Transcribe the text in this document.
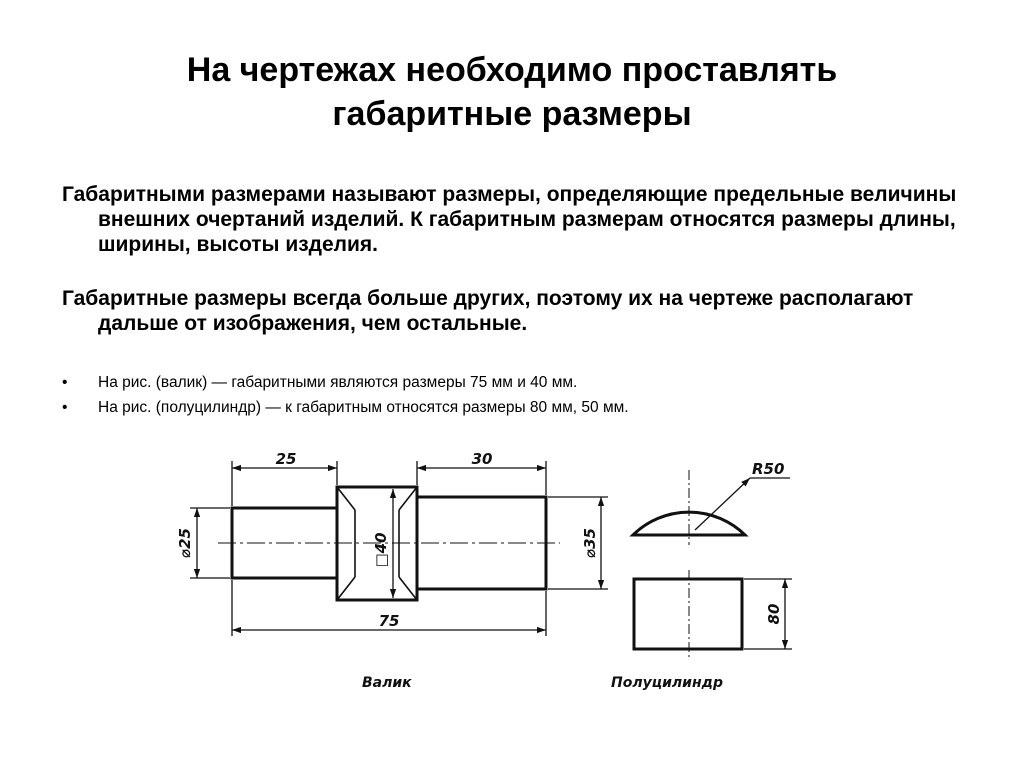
На чертежах необходимо проставлять
габаритные размеры
Габаритными размерами называют размеры, определяющие предельные величины внешних очертаний изделий. К габаритным размерам относятся размеры длины, ширины, высоты изделия.
Габаритные размеры всегда больше других, поэтому их на чертеже располагают дальше от изображения, чем остальные.
• На рис. (валик) — габаритными являются размеры 75 мм и 40 мм.
• На рис. (полуцилиндр) — к габаритным относятся размеры 80 мм, 50 мм.
25	30
75
⌀25	□40	⌀35
Валик
R50
80
Полуцилиндр
